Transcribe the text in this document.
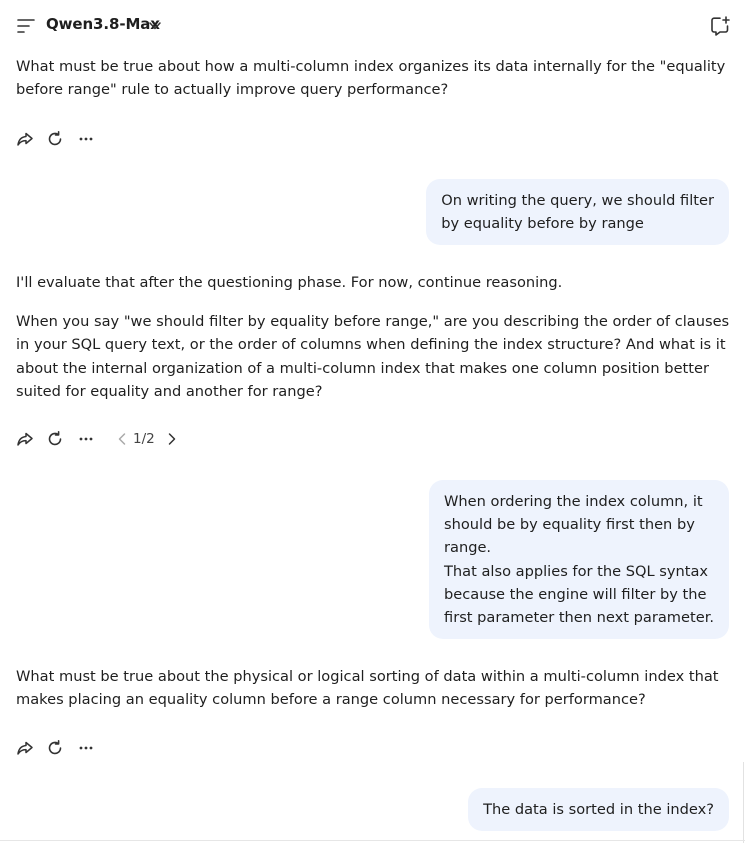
Qwen3.8-Max

What must be true about how a multi-column index organizes its data internally for the "equality before range" rule to actually improve query performance?

On writing the query, we should filter
by equality before by range

I'll evaluate that after the questioning phase. For now, continue reasoning.

When you say "we should filter by equality before range," are you describing the order of clauses in your SQL query text, or the order of columns when defining the index structure? And what is it about the internal organization of a multi-column index that makes one column position better suited for equality and another for range?

1/2
When ordering the index column, it
should be by equality first then by
range.
That also applies for the SQL syntax
because the engine will filter by the
first parameter then next parameter.

What must be true about the physical or logical sorting of data within a multi-column index that makes placing an equality column before a range column necessary for performance?

The data is sorted in the index?
